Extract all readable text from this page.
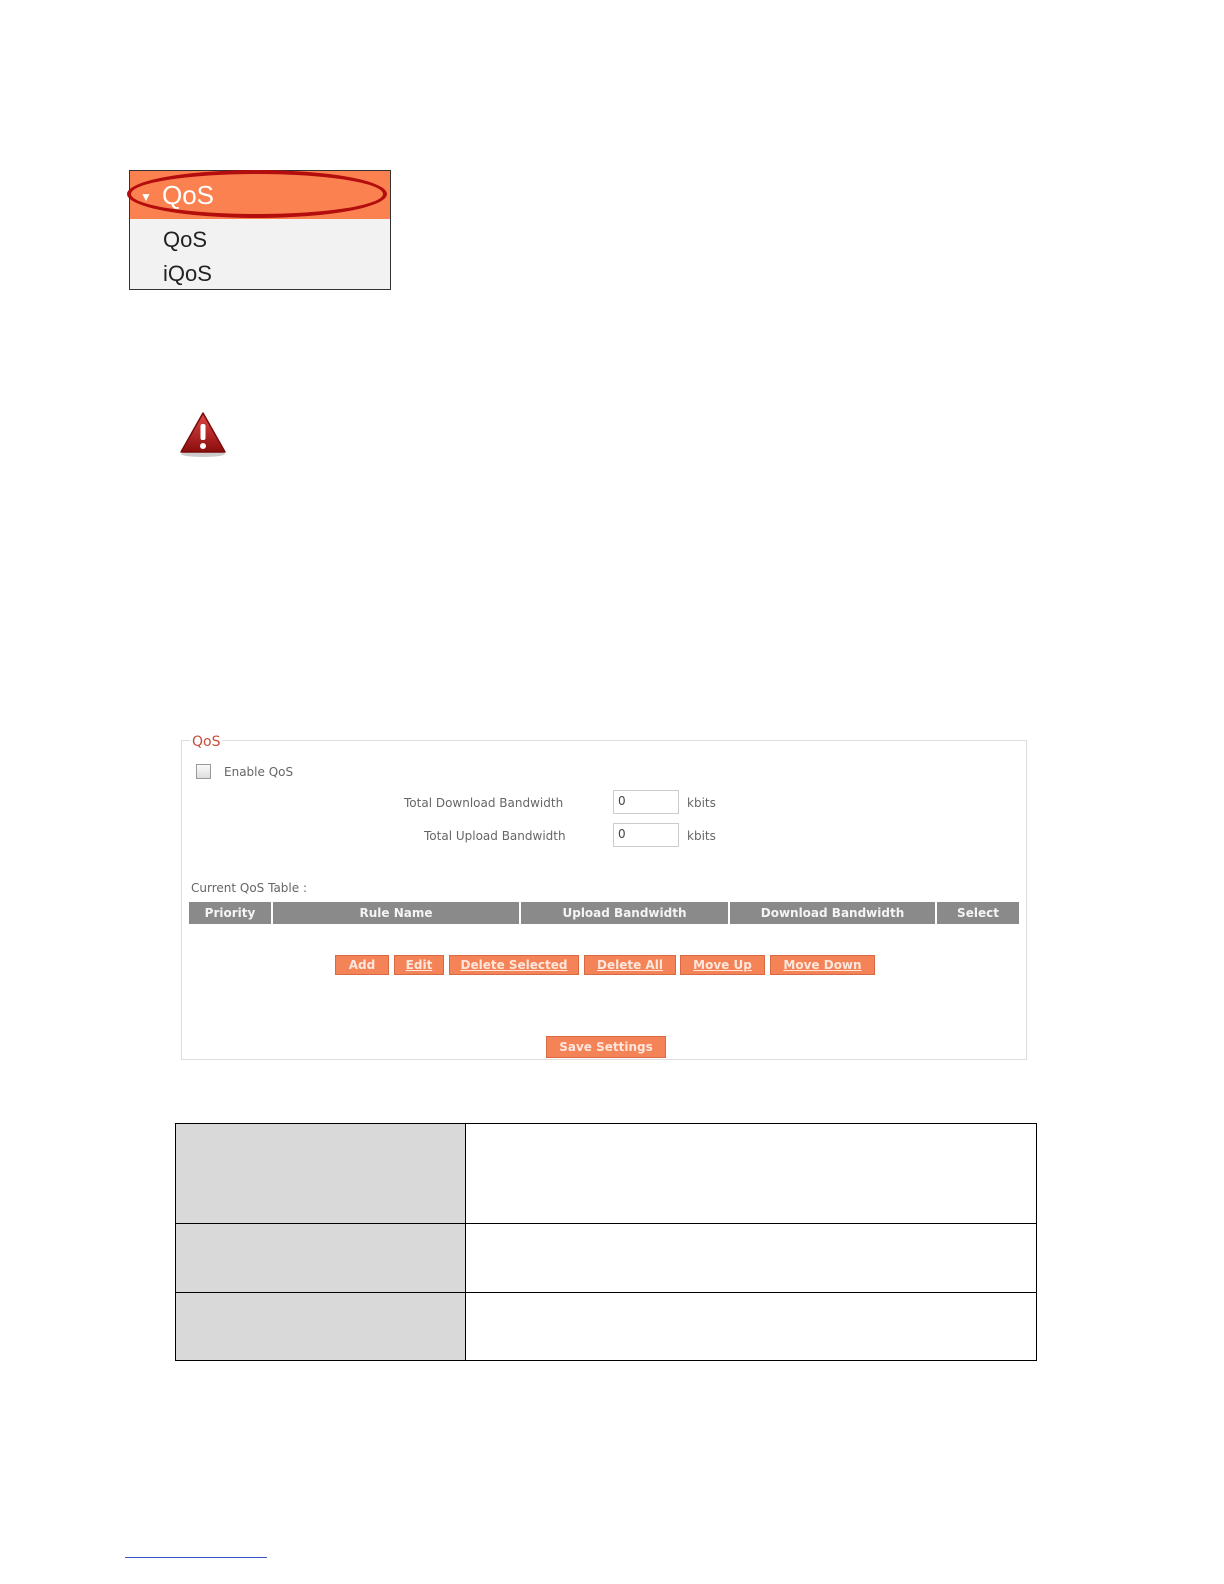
▼ QoS
QoS
iQoS
QoS
Enable QoS
Total Download Bandwidth	0	kbits
Total Upload Bandwidth	0	kbits
Current QoS Table :
Priority	Rule Name	Upload Bandwidth	Download Bandwidth	Select
Add	Edit	Delete Selected	Delete All	Move Up	Move Down
Save Settings
